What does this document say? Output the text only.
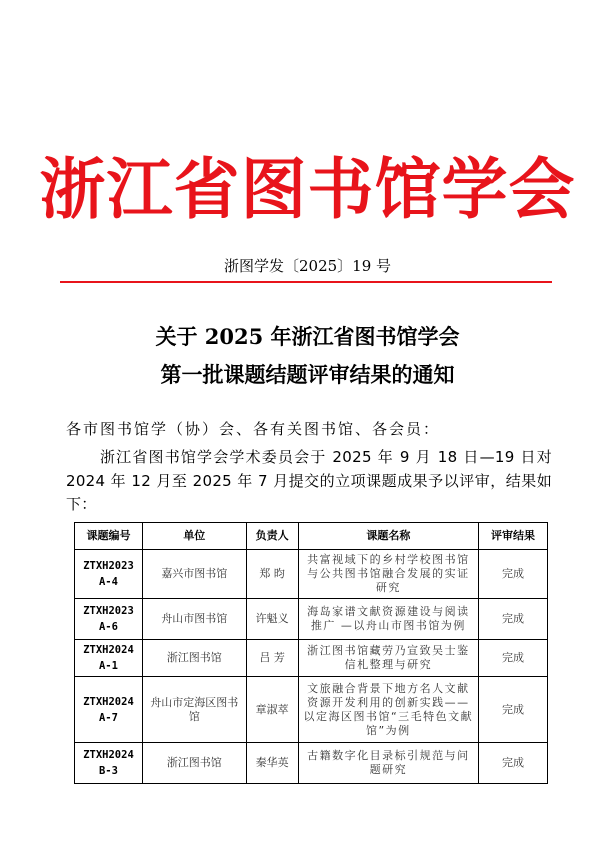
浙江省图书馆学会
浙图学发〔2025〕19 号
关于 2025 年浙江省图书馆学会
第一批课题结题评审结果的通知
各市图书馆学（协）会、各有关图书馆、各会员：
浙江省图书馆学会学术委员会于 2025 年 9 月 18 日—19 日对 2024 年 12 月至 2025 年 7 月提交的立项课题成果予以评审，结果如下：
课题编号	单位	负责人	课题名称	评审结果
ZTXH2023 A-4	嘉兴市图书馆	郑 昀	共富视域下的乡村学校图书馆与公共图书馆融合发展的实证研究	完成
ZTXH2023 A-6	舟山市图书馆	许魁义	海岛家谱文献资源建设与阅读推广 —以舟山市图书馆为例	完成
ZTXH2024 A-1	浙江图书馆	吕 芳	浙江图书馆藏劳乃宣致吴士鉴信札整理与研究	完成
ZTXH2024 A-7	舟山市定海区图书馆	章淑萃	文旅融合背景下地方名人文献资源开发利用的创新实践——以定海区图书馆“三毛特色文献馆”为例	完成
ZTXH2024 B-3	浙江图书馆	秦华英	古籍数字化目录标引规范与问题研究	完成
